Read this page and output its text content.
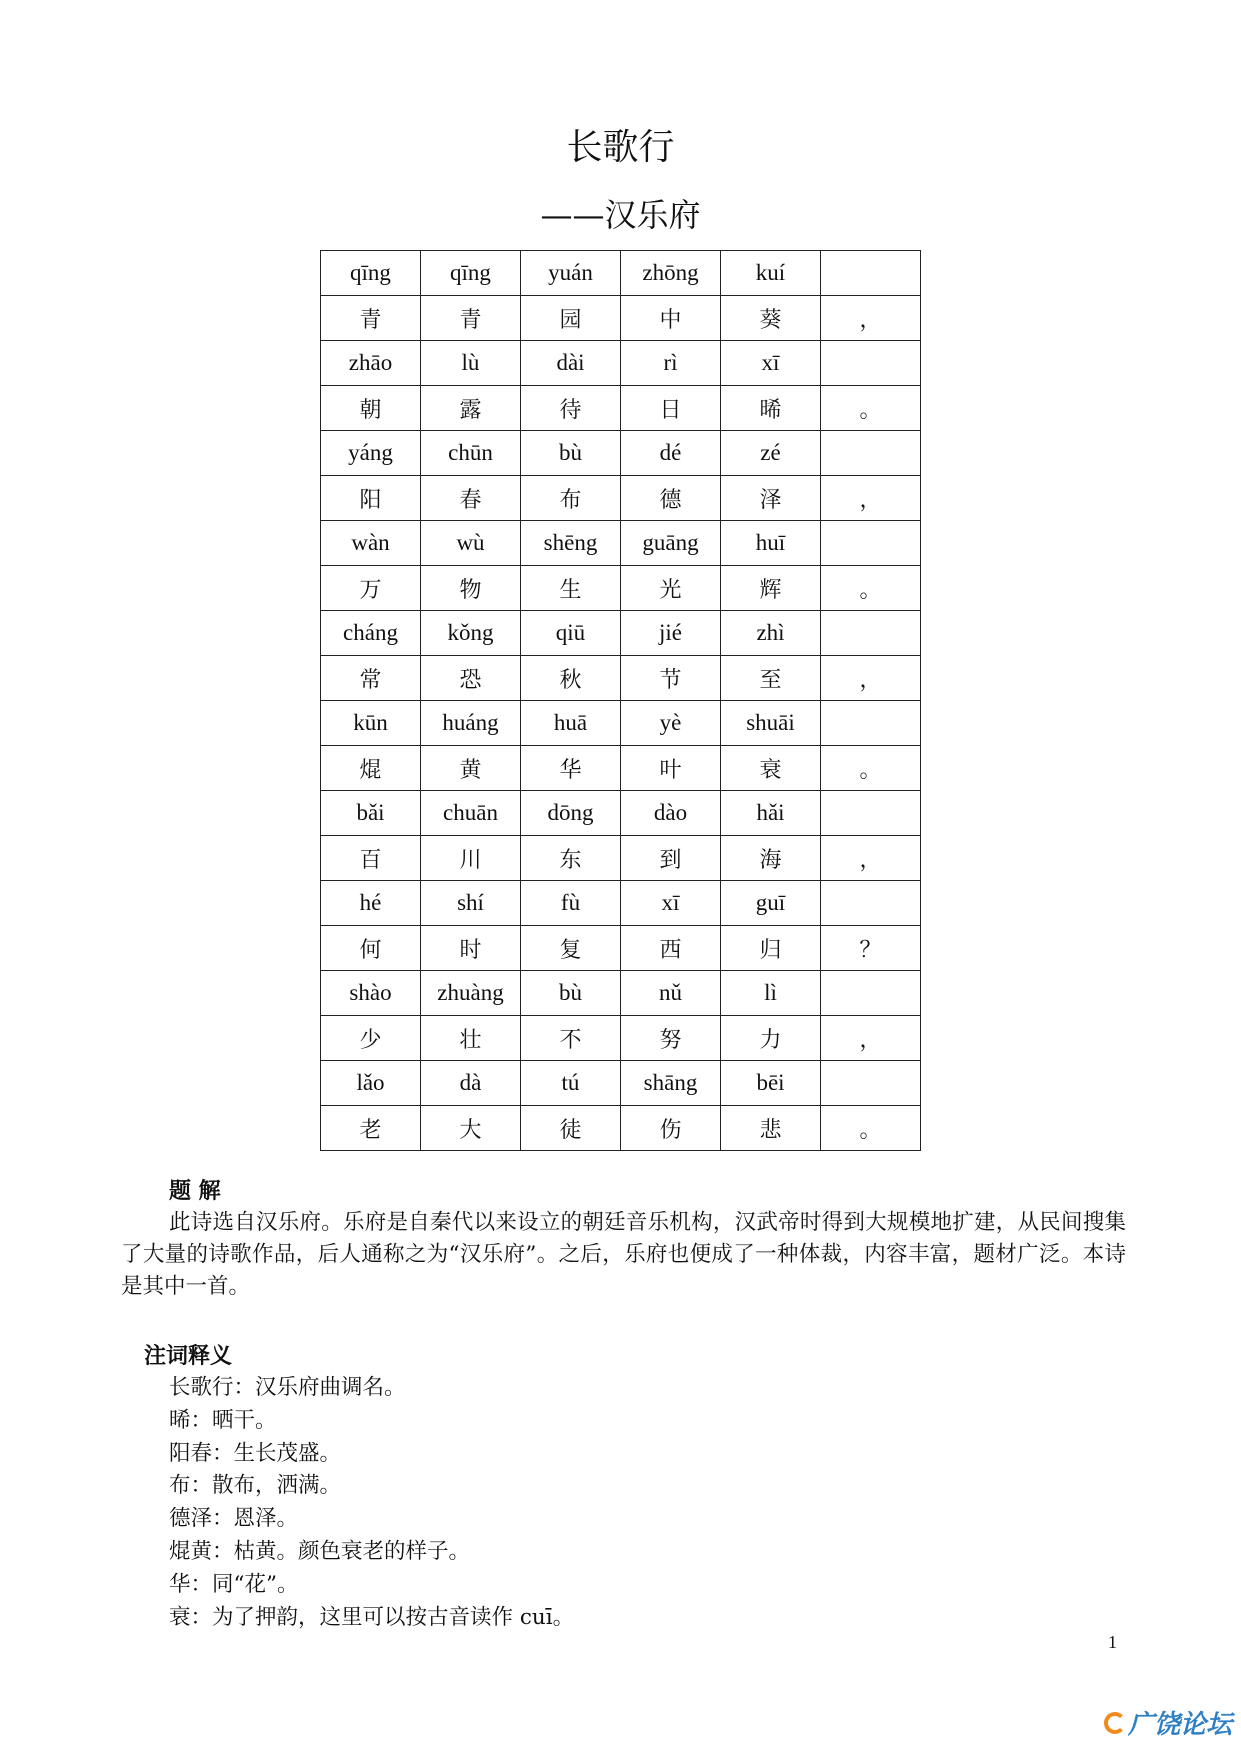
长歌行
——汉乐府
qīng	qīng	yuán	zhōng	kuí	
青	青	园	中	葵	，
zhāo	lù	dài	rì	xī	
朝	露	待	日	晞	。
yáng	chūn	bù	dé	zé	
阳	春	布	德	泽	，
wàn	wù	shēng	guāng	huī	
万	物	生	光	辉	。
cháng	kǒng	qiū	jié	zhì	
常	恐	秋	节	至	，
kūn	huáng	huā	yè	shuāi	
焜	黄	华	叶	衰	。
bǎi	chuān	dōng	dào	hǎi	
百	川	东	到	海	，
hé	shí	fù	xī	guī	
何	时	复	西	归	？
shào	zhuàng	bù	nǔ	lì	
少	壮	不	努	力	，
lǎo	dà	tú	shāng	bēi	
老	大	徒	伤	悲	。
题 解
此诗选自汉乐府。乐府是自秦代以来设立的朝廷音乐机构，汉武帝时得到大规模地扩建，从民间搜集了大量的诗歌作品，后人通称之为“汉乐府”。之后，乐府也便成了一种体裁，内容丰富，题材广泛。本诗是其中一首。
注词释义
长歌行：汉乐府曲调名。
晞：晒干。
阳春：生长茂盛。
布：散布，洒满。
德泽：恩泽。
焜黄：枯黄。颜色衰老的样子。
华：同“花”。
衰：为了押韵，这里可以按古音读作 cuī。
1
广饶论坛
